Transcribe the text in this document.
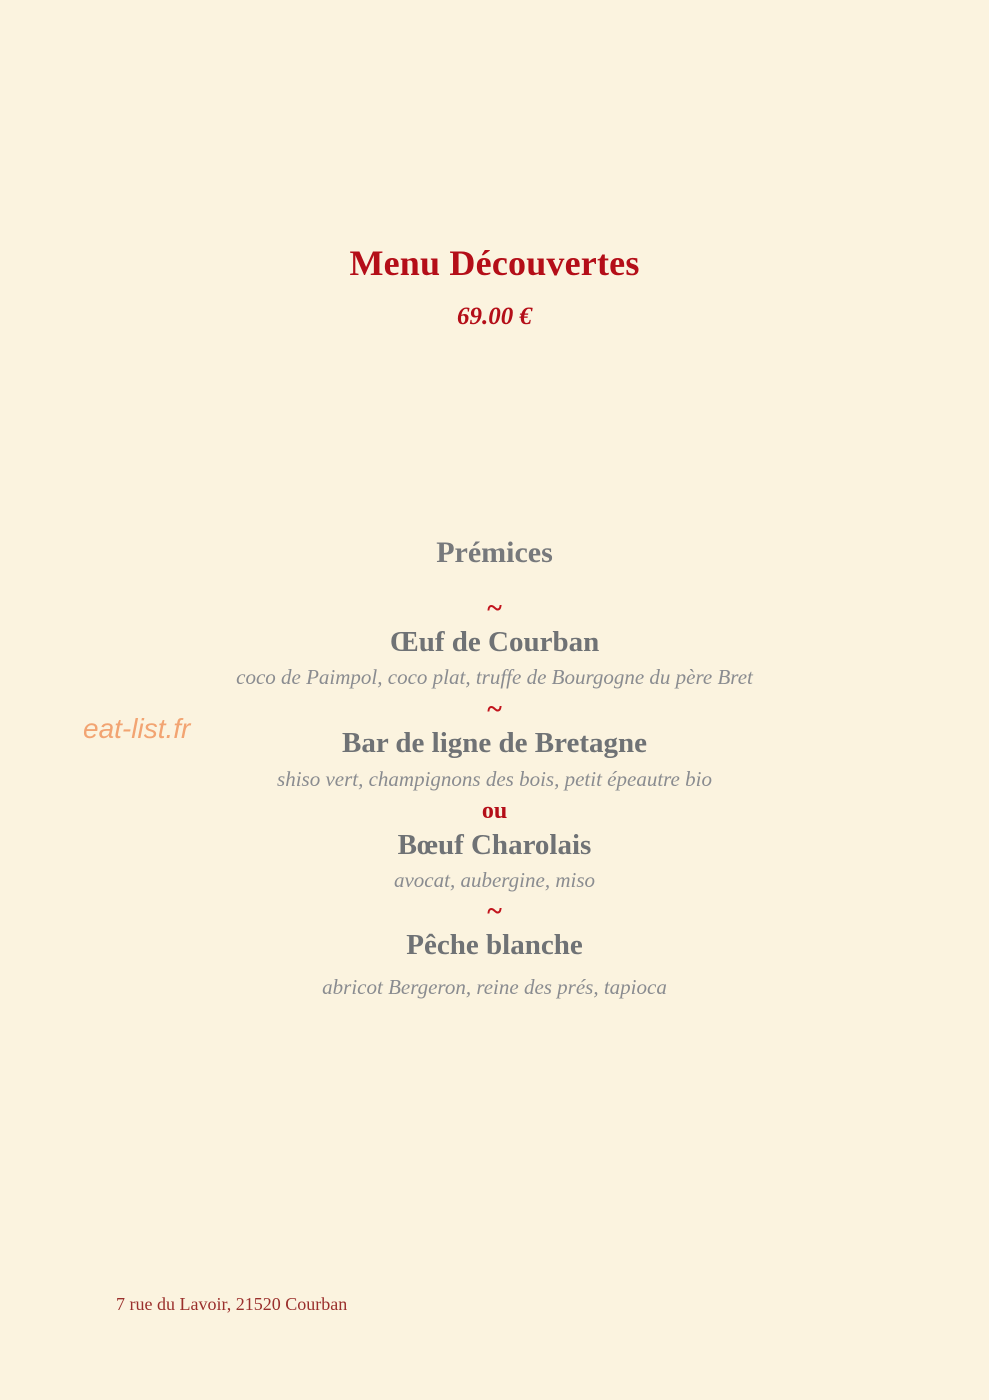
Menu Découvertes
69.00 €
Prémices
~
Œuf de Courban
coco de Paimpol, coco plat, truffe de Bourgogne du père Bret
~
Bar de ligne de Bretagne
shiso vert, champignons des bois, petit épeautre bio
ou
Bœuf Charolais
avocat, aubergine, miso
~
Pêche blanche
abricot Bergeron, reine des prés, tapioca
eat-list.fr
7 rue du Lavoir, 21520 Courban
